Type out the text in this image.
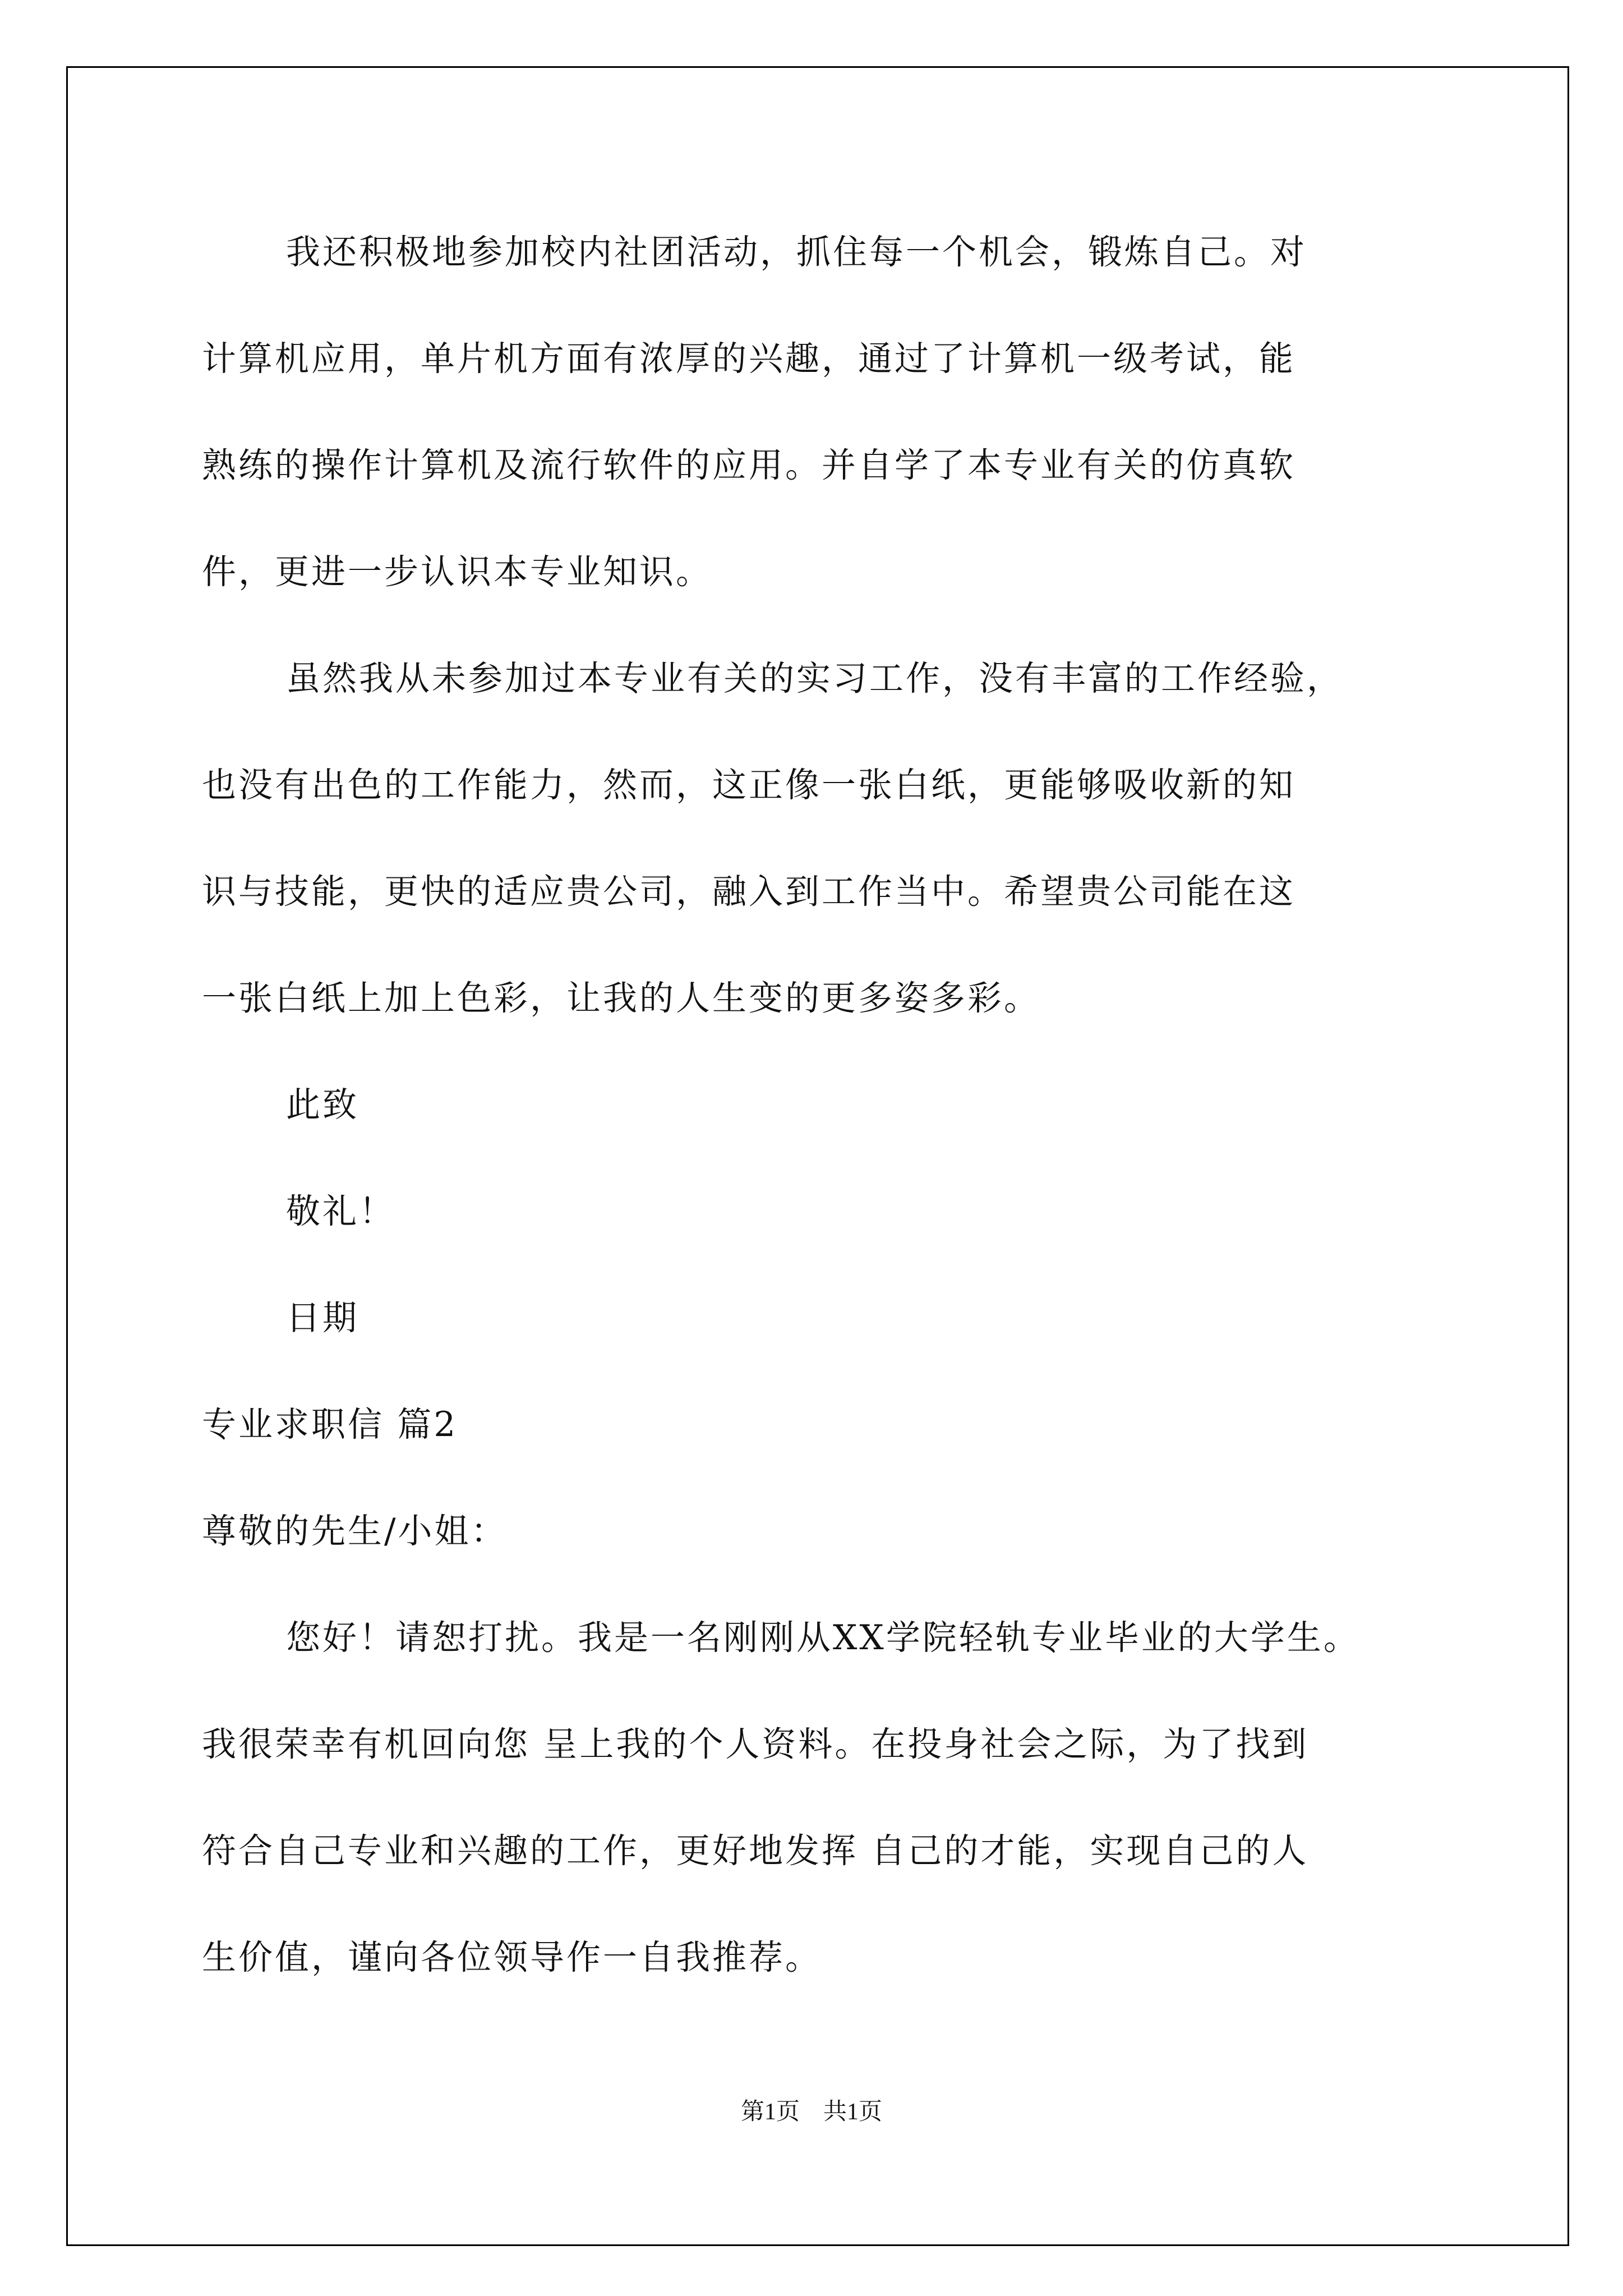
我还积极地参加校内社团活动，抓住每一个机会，锻炼自己。对
计算机应用，单片机方面有浓厚的兴趣，通过了计算机一级考试，能
熟练的操作计算机及流行软件的应用。并自学了本专业有关的仿真软
件，更进一步认识本专业知识。
虽然我从未参加过本专业有关的实习工作，没有丰富的工作经验，
也没有出色的工作能力，然而，这正像一张白纸，更能够吸收新的知
识与技能，更快的适应贵公司，融入到工作当中。希望贵公司能在这
一张白纸上加上色彩，让我的人生变的更多姿多彩。
此致
敬礼！
日期
专业求职信 篇2
尊敬的先生/小姐：
您好！请恕打扰。我是一名刚刚从XX学院轻轨专业毕业的大学生。
我很荣幸有机回向您 呈上我的个人资料。在投身社会之际，为了找到
符合自己专业和兴趣的工作，更好地发挥 自己的才能，实现自己的人
生价值，谨向各位领导作一自我推荐。
第1页　共1页
